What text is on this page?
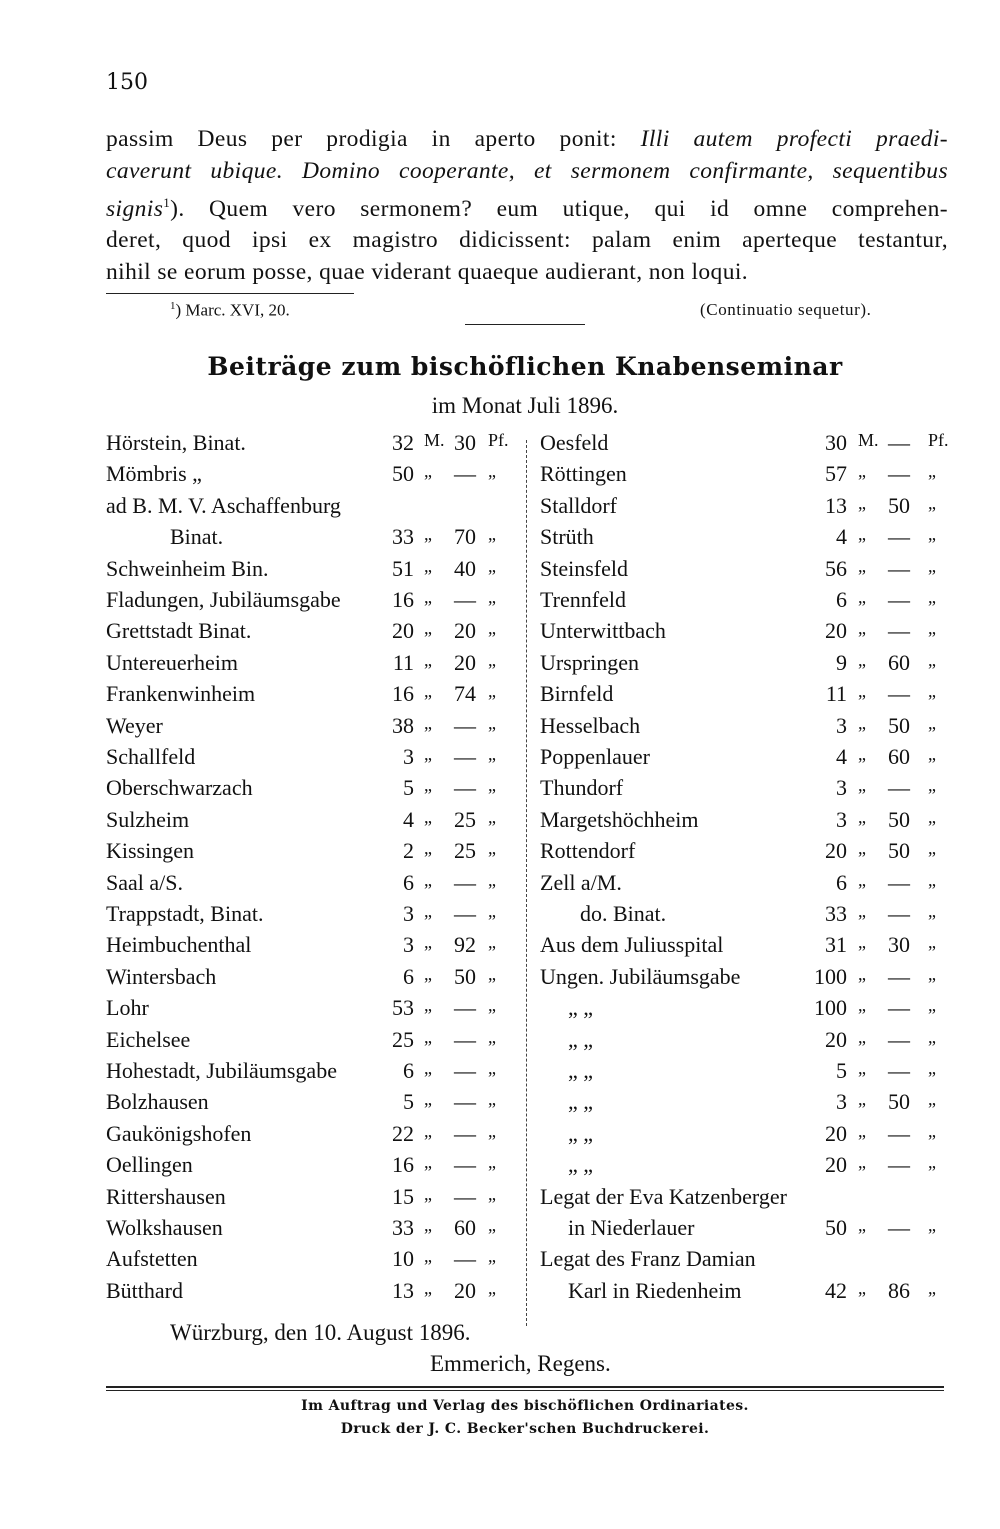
150
passim Deus per prodigia in aperto ponit: Illi autem profecti praedi-
caverunt ubique. Domino cooperante, et sermonem confirmante, sequentibus
signis$^1$). Quem vero sermonem? eum utique, qui id omne comprehen-
deret, quod ipsi ex magistro didicissent: palam enim aperteque testantur,
nihil se eorum posse, quae viderant quaeque audierant, non loqui.
$^1$) Marc. XVI, 20.	(Continuatio sequetur).
Beiträge zum bischöflichen Knabenseminar
im Monat Juli 1896.
Hörstein, Binat.	32 M. 30 Pf.
Mömbris „	50 „	— „
ad B. M. V. Aschaffenburg
Binat.	33 „	70 „
Schweinheim Bin.	51 „	40 „
Fladungen, Jubiläumsgabe	16 „	— „
Grettstadt Binat.	20 „	20 „
Untereuerheim	11 „	20 „
Frankenwinheim	16 „	74 „
Weyer	38 „	— „
Schallfeld	3 „	— „
Oberschwarzach	5 „	— „
Sulzheim	4 „	25 „
Kissingen	2 „	25 „
Saal a/S.	6 „	— „
Trappstadt, Binat.	3 „	— „
Heimbuchenthal	3 „	92 „
Wintersbach	6 „	50 „
Lohr	53 „	— „
Eichelsee	25 „	— „
Hohestadt, Jubiläumsgabe	6 „	— „
Bolzhausen	5 „	— „
Gaukönigshofen	22 „	— „
Oellingen	16 „	— „
Rittershausen	15 „	— „
Wolkshausen	33 „	60 „
Aufstetten	10 „	— „
Bütthard	13 „	20 „
Oesfeld	30 M. — Pf.
Röttingen	57 „	— „
Stalldorf	13 „	50 „
Strüth	4 „	— „
Steinsfeld	56 „	— „
Trennfeld	6 „	— „
Unterwittbach	20 „	— „
Urspringen	9 „	60 „
Birnfeld	11 „	— „
Hesselbach	3 „	50 „
Poppenlauer	4 „	60 „
Thundorf	3 „	— „
Margetshöchheim	3 „	50 „
Rottendorf	20 „	50 „
Zell a/M.	6 „	— „
do. Binat.	33 „	— „
Aus dem Juliusspital	31 „	30 „
Ungen. Jubiläumsgabe	100 „	— „
„ „	100 „	— „
„ „	20 „	— „
„ „	5 „	— „
„ „	3 „	50 „
„ „	20 „	— „
„ „	20 „	— „
Legat der Eva Katzenberger
in Niederlauer	50 „	— „
Legat des Franz Damian
Karl in Riedenheim	42 „	86 „
Würzburg, den 10. August 1896.
Emmerich, Regens.
Im Auftrag und Verlag des bischöflichen Ordinariates.
Druck der J. C. Becker'schen Buchdruckerei.
